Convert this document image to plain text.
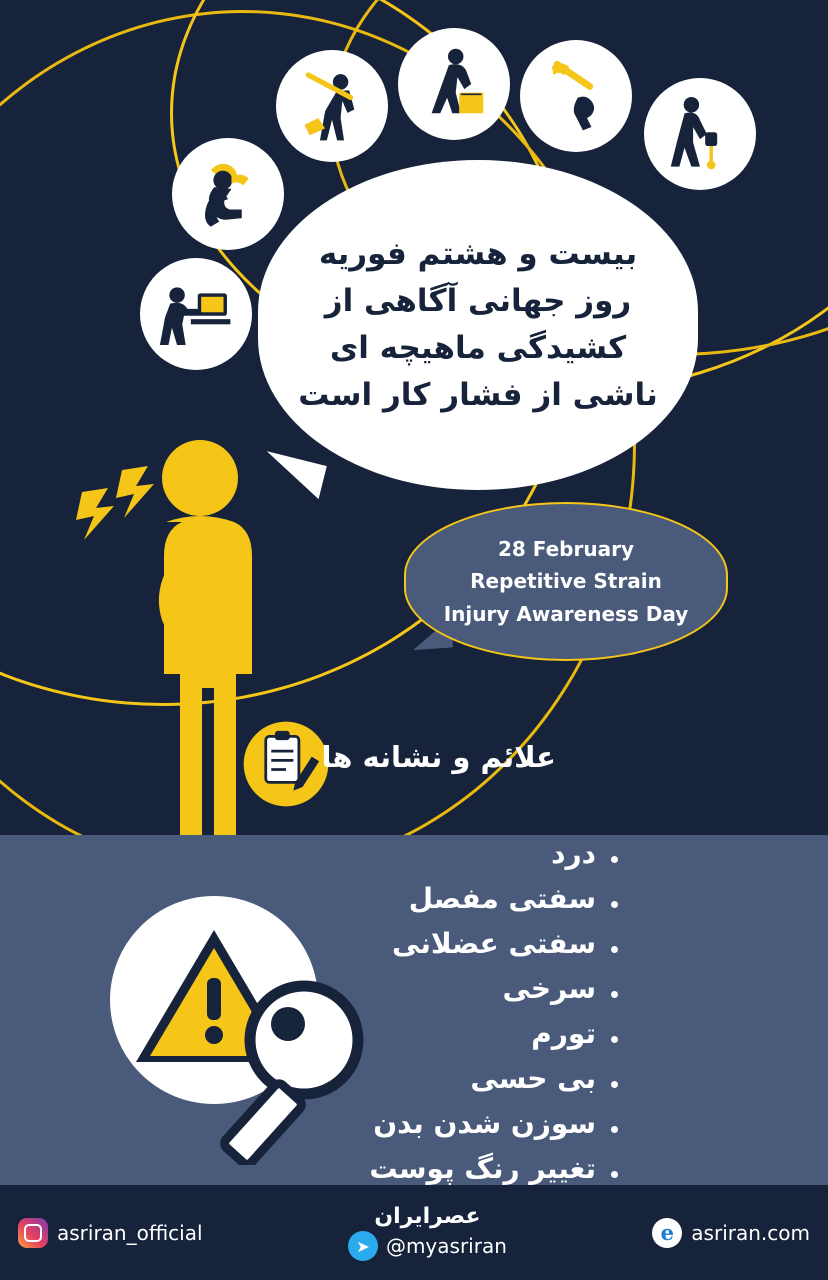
بیست و هشتم فوریه
روز جهانی آگاهی از
کشیدگی ماهیچه ای
ناشی از فشار کار است
28 February
Repetitive Strain
Injury Awareness Day
علائم و نشانه ها
درد
سفتی مفصل
سفتی عضلانی
سرخی
تورم
بی حسی
سوزن شدن بدن
تغییر رنگ پوست
asriran_official
عصرایران
➤ @myasriran
e asriran.com
